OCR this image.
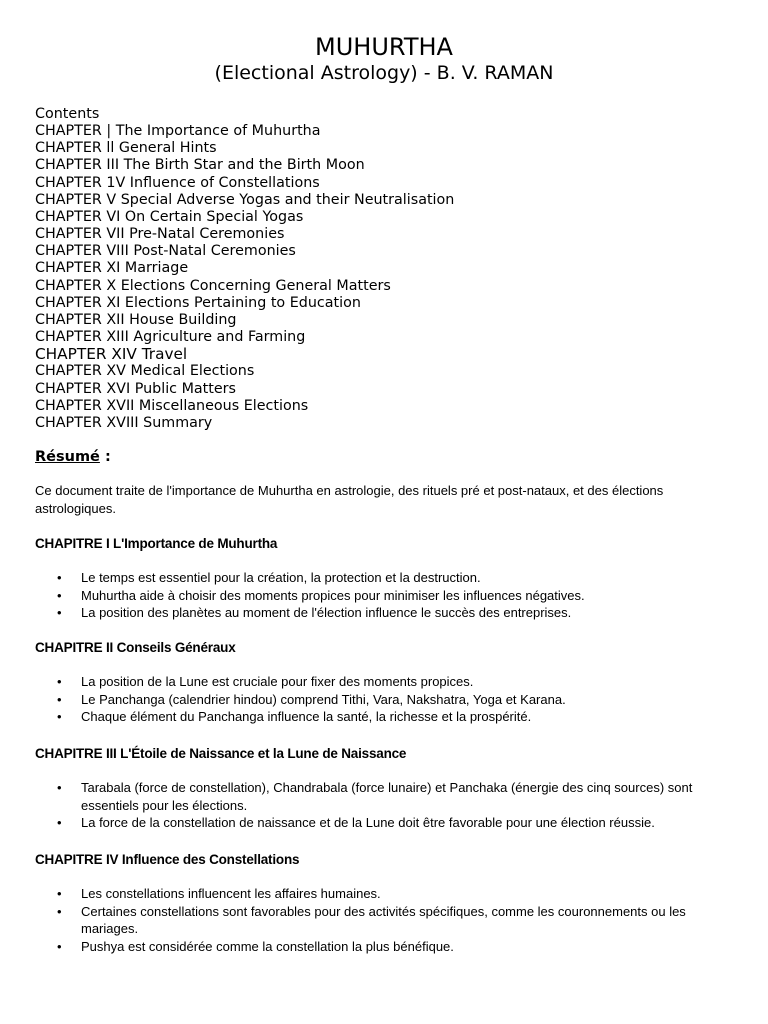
MUHURTHA
(Electional Astrology) - B. V. RAMAN
Contents
CHAPTER | The Importance of Muhurtha
CHAPTER ll General Hints
CHAPTER III The Birth Star and the Birth Moon
CHAPTER 1V Influence of Constellations
CHAPTER V Special Adverse Yogas and their Neutralisation
CHAPTER VI On Certain Special Yogas
CHAPTER VII Pre-Natal Ceremonies
CHAPTER VIII Post-Natal Ceremonies
CHAPTER XI Marriage
CHAPTER X Elections Concerning General Matters
CHAPTER XI Elections Pertaining to Education
CHAPTER XII House Building
CHAPTER XIII Agriculture and Farming
CHAPTER XIV Travel
CHAPTER XV Medical Elections
CHAPTER XVI Public Matters
CHAPTER XVII Miscellaneous Elections
CHAPTER XVIII Summary
Résumé :
Ce document traite de l'importance de Muhurtha en astrologie, des rituels pré et post-nataux, et des élections astrologiques.
CHAPITRE I L'Importance de Muhurtha
• Le temps est essentiel pour la création, la protection et la destruction.
• Muhurtha aide à choisir des moments propices pour minimiser les influences négatives.
• La position des planètes au moment de l'élection influence le succès des entreprises.
CHAPITRE II Conseils Généraux
• La position de la Lune est cruciale pour fixer des moments propices.
• Le Panchanga (calendrier hindou) comprend Tithi, Vara, Nakshatra, Yoga et Karana.
• Chaque élément du Panchanga influence la santé, la richesse et la prospérité.
CHAPITRE III L'Étoile de Naissance et la Lune de Naissance
• Tarabala (force de constellation), Chandrabala (force lunaire) et Panchaka (énergie des cinq sources) sont essentiels pour les élections.
• La force de la constellation de naissance et de la Lune doit être favorable pour une élection réussie.
CHAPITRE IV Influence des Constellations
• Les constellations influencent les affaires humaines.
• Certaines constellations sont favorables pour des activités spécifiques, comme les couronnements ou les mariages.
• Pushya est considérée comme la constellation la plus bénéfique.
